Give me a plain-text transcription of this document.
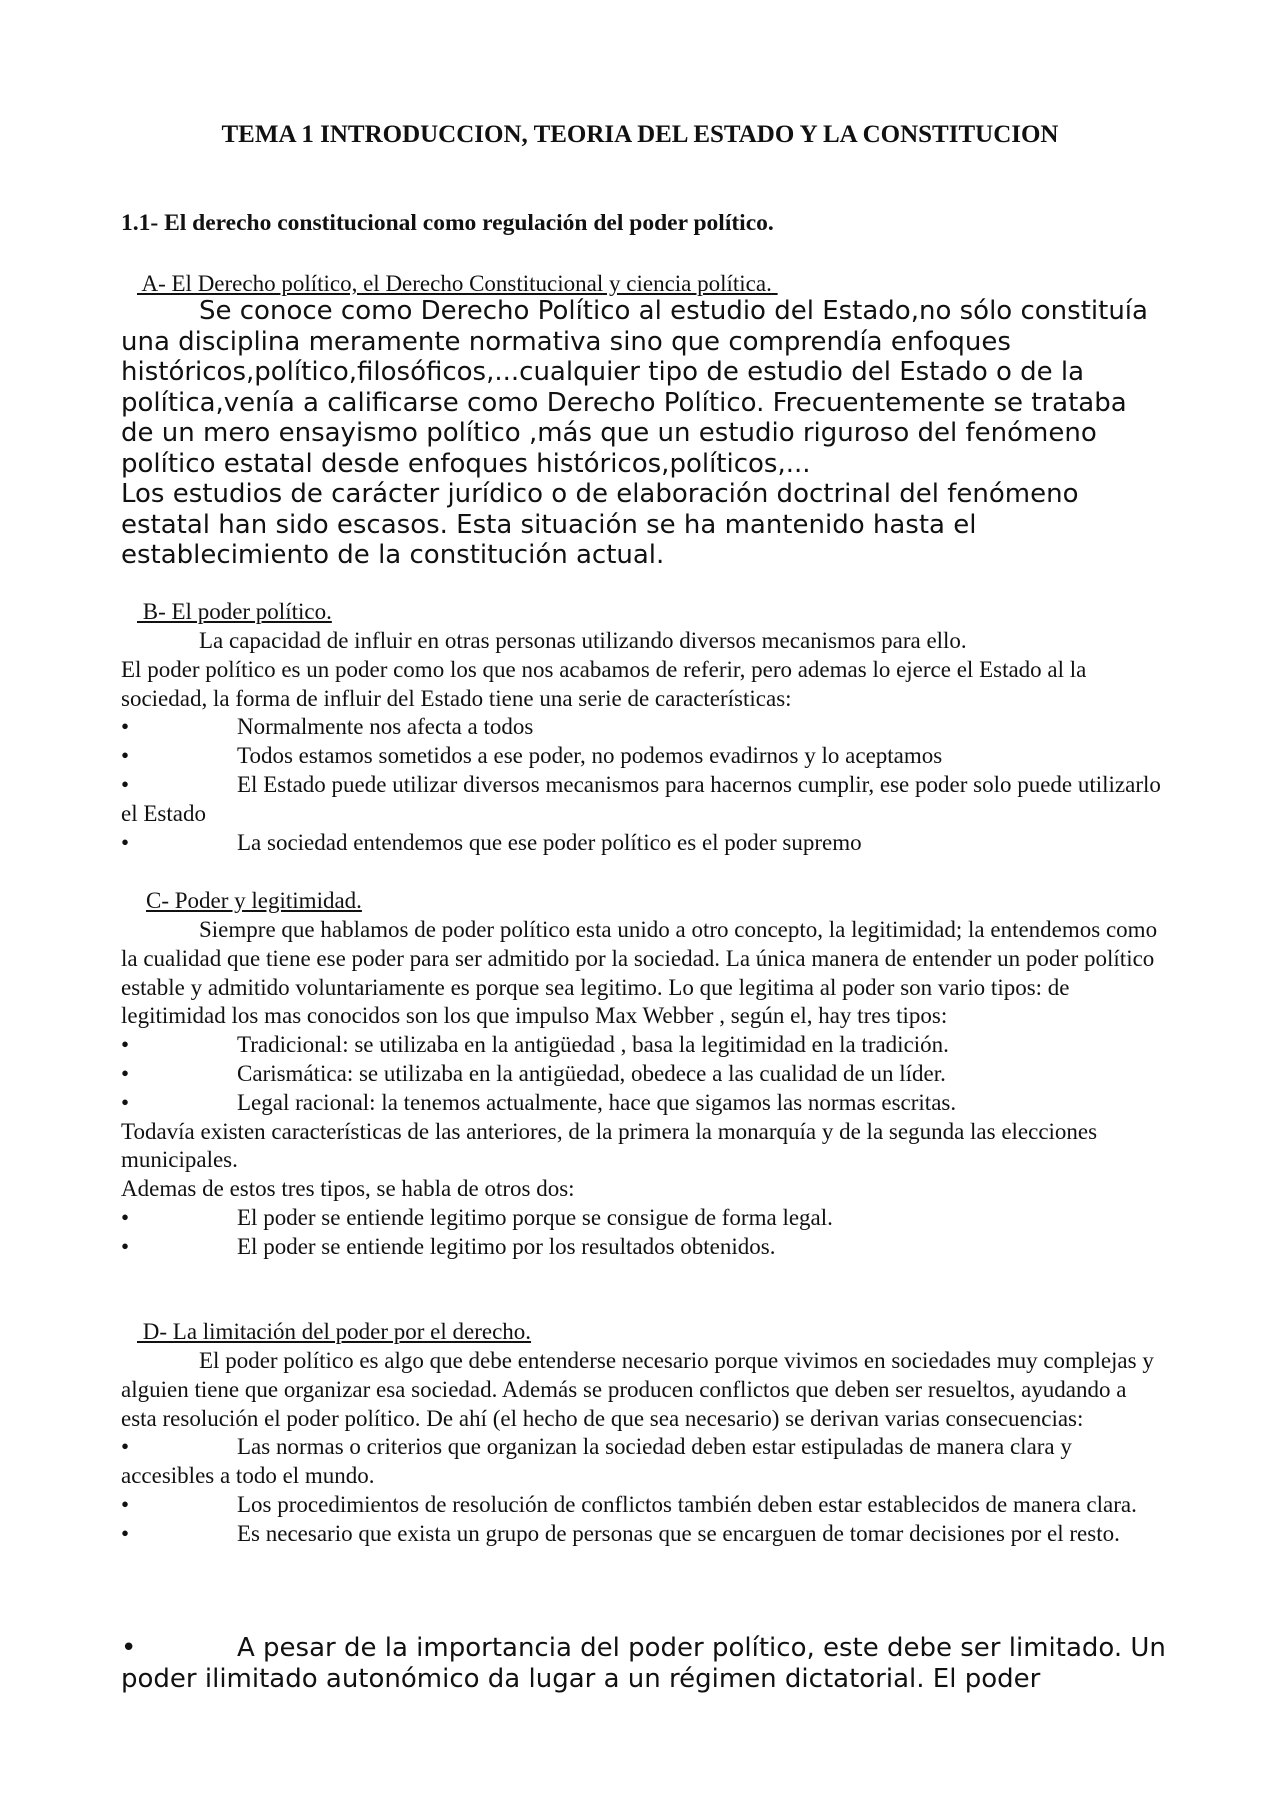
TEMA 1 INTRODUCCION, TEORIA DEL ESTADO Y LA CONSTITUCION
1.1- El derecho constitucional como regulación del poder político.
A- El Derecho político, el Derecho Constitucional y ciencia política.

Se conoce como Derecho Político al estudio del Estado,no sólo constituía una disciplina meramente normativa sino que comprendía enfoques históricos,político,filosóficos,...cualquier tipo de estudio del Estado o de la política,venía a calificarse como Derecho Político. Frecuentemente se trataba de un mero ensayismo político ,más que un estudio riguroso del fenómeno político estatal desde enfoques históricos,políticos,...

Los estudios de carácter jurídico o de elaboración doctrinal del fenómeno estatal han sido escasos. Esta situación se ha mantenido hasta el establecimiento de la constitución actual.

B- El poder político.

La capacidad de influir en otras personas utilizando diversos mecanismos para ello.

El poder político es un poder como los que nos acabamos de referir, pero ademas lo ejerce el Estado al la sociedad, la forma de influir del Estado tiene una serie de características:

•	Normalmente nos afecta a todos

•	Todos estamos sometidos a ese poder, no podemos evadirnos y lo aceptamos

•	El Estado puede utilizar diversos mecanismos para hacernos cumplir, ese poder solo puede utilizarlo el Estado

•	La sociedad entendemos que ese poder político es el poder supremo

C- Poder y legitimidad.

Siempre que hablamos de poder político esta unido a otro concepto, la legitimidad; la entendemos como la cualidad que tiene ese poder para ser admitido por la sociedad. La única manera de entender un poder político estable y admitido voluntariamente es porque sea legitimo. Lo que legitima al poder son vario tipos: de legitimidad los mas conocidos son los que impulso Max Webber , según el, hay tres tipos:

•	Tradicional: se utilizaba en la antigüedad , basa la legitimidad en la tradición.

•	Carismática: se utilizaba en la antigüedad, obedece a las cualidad de un líder.

•	Legal racional: la tenemos actualmente, hace que sigamos las normas escritas.

Todavía existen características de las anteriores, de la primera la monarquía y de la segunda las elecciones municipales.

Ademas de estos tres tipos, se habla de otros dos:

•	El poder se entiende legitimo porque se consigue de forma legal.

•	El poder se entiende legitimo por los resultados obtenidos.

D- La limitación del poder por el derecho.

El poder político es algo que debe entenderse necesario porque vivimos en sociedades muy complejas y alguien tiene que organizar esa sociedad. Además se producen conflictos que deben ser resueltos, ayudando a esta resolución el poder político. De ahí (el hecho de que sea necesario) se derivan varias consecuencias:

•	Las normas o criterios que organizan la sociedad deben estar estipuladas de manera clara y accesibles a todo el mundo.

•	Los procedimientos de resolución de conflictos también deben estar establecidos de manera clara.

•	Es necesario que exista un grupo de personas que se encarguen de tomar decisiones por el resto.

•	A pesar de la importancia del poder político, este debe ser limitado. Un poder ilimitado autonómico da lugar a un régimen dictatorial. El poder
